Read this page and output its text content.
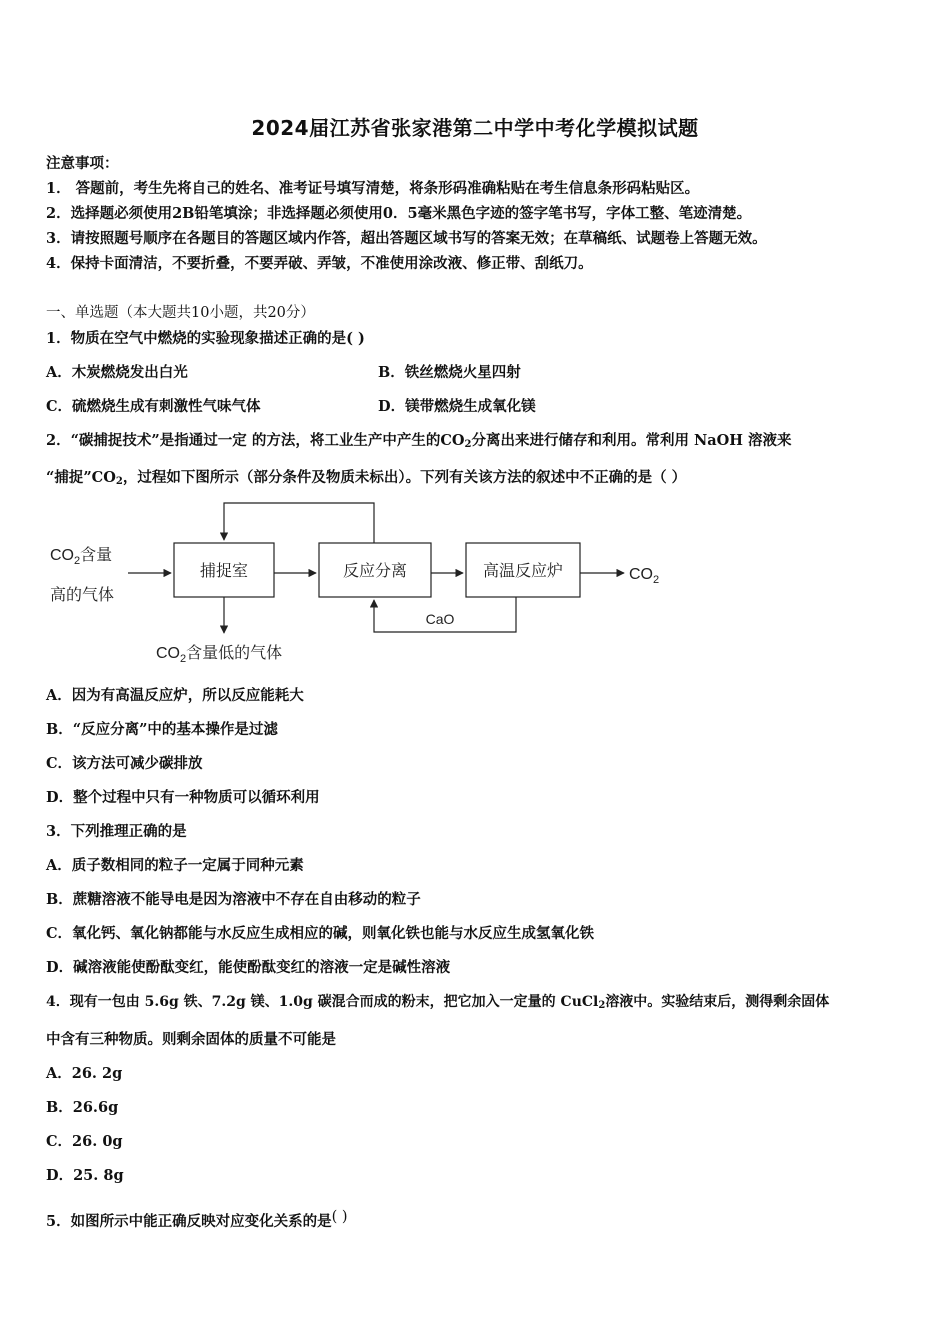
2024届江苏省张家港第二中学中考化学模拟试题
注意事项：
1． 答题前，考生先将自己的姓名、准考证号填写清楚，将条形码准确粘贴在考生信息条形码粘贴区。
2．选择题必须使用2B铅笔填涂；非选择题必须使用0．5毫米黑色字迹的签字笔书写，字体工整、笔迹清楚。
3．请按照题号顺序在各题目的答题区域内作答，超出答题区域书写的答案无效；在草稿纸、试题卷上答题无效。
4．保持卡面清洁，不要折叠，不要弄破、弄皱，不准使用涂改液、修正带、刮纸刀。
一、单选题（本大题共10小题，共20分）
1．物质在空气中燃烧的实验现象描述正确的是( )
A．木炭燃烧发出白光	B．铁丝燃烧火星四射
C．硫燃烧生成有刺激性气味气体	D．镁带燃烧生成氧化镁
2．“碳捕捉技术”是指通过一定 的方法，将工业生产中产生的$CO_2$分离出来进行储存和利用。常利用 NaOH 溶液来
“捕捉$”CO_2$，过程如下图所示（部分条件及物质未标出）。下列有关该方法的叙述中不正确的是（ ）
$CO_2$含量
高的气体
捕捉室	反应分离	高温反应炉	$CO_2$
CaO
$CO_2$含量低的气体
A．因为有高温反应炉，所以反应能耗大
B．“反应分离”中的基本操作是过滤
C．该方法可减少碳排放
D．整个过程中只有一种物质可以循环利用
3．下列推理正确的是
A．质子数相同的粒子一定属于同种元素
B．蔗糖溶液不能导电是因为溶液中不存在自由移动的粒子
C．氧化钙、氧化钠都能与水反应生成相应的碱，则氧化铁也能与水反应生成氢氧化铁
D．碱溶液能使酚酞变红，能使酚酞变红的溶液一定是碱性溶液
4．现有一包由 5.6g 铁、7.2g 镁、1.0g 碳混合而成的粉末，把它加入一定量的 CuCl$_2$溶液中。实验结束后，测得剩余固体
中含有三种物质。则剩余固体的质量不可能是
A．26. 2g
B．26.6g
C．26. 0g
D．25. 8g
5．如图所示中能正确反映对应变化关系的是( )
